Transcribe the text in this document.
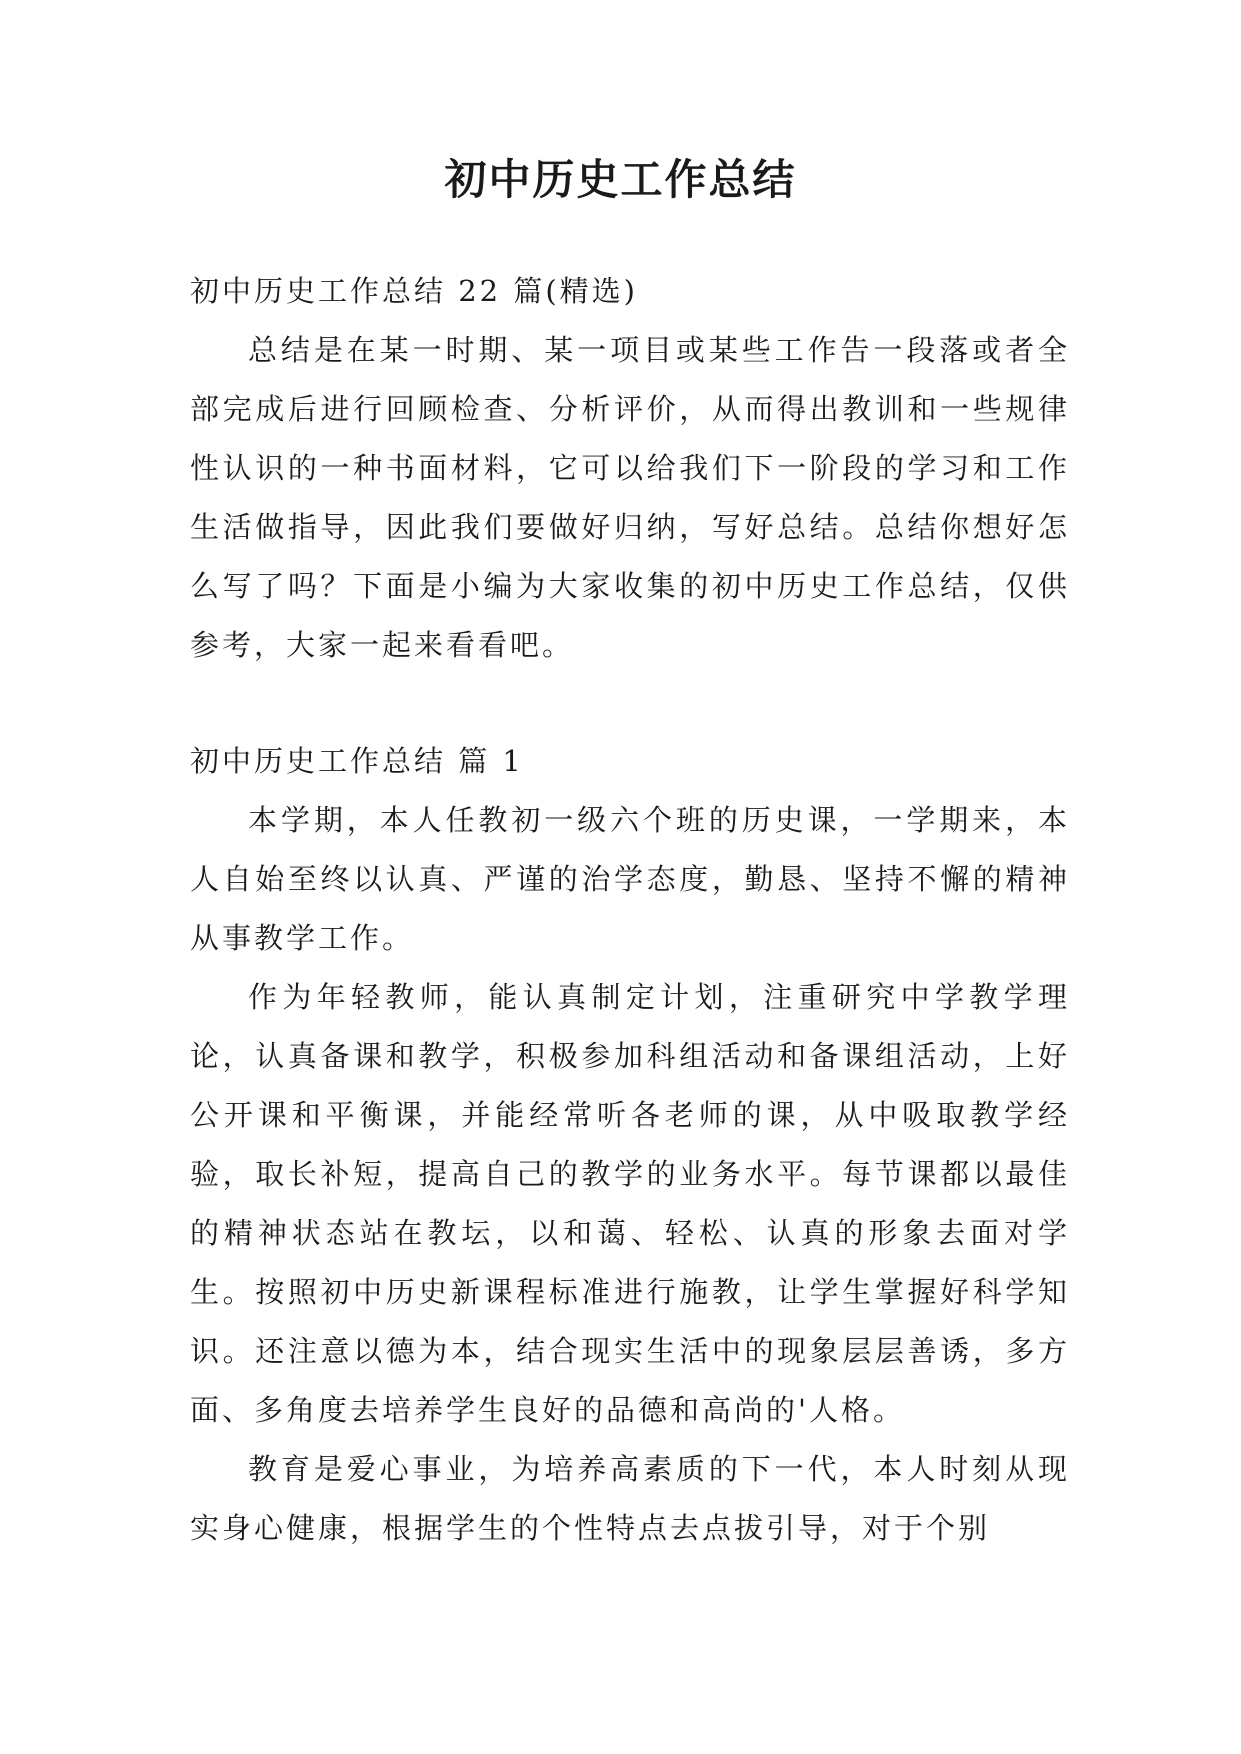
初中历史工作总结

初中历史工作总结 22 篇(精选)

总结是在某一时期、某一项目或某些工作告一段落或者全部完成后进行回顾检查、分析评价，从而得出教训和一些规律性认识的一种书面材料，它可以给我们下一阶段的学习和工作生活做指导，因此我们要做好归纳，写好总结。总结你想好怎么写了吗？下面是小编为大家收集的初中历史工作总结，仅供参考，大家一起来看看吧。

初中历史工作总结 篇 1

本学期，本人任教初一级六个班的历史课，一学期来，本人自始至终以认真、严谨的治学态度，勤恳、坚持不懈的精神从事教学工作。

作为年轻教师，能认真制定计划，注重研究中学教学理论，认真备课和教学，积极参加科组活动和备课组活动，上好公开课和平衡课，并能经常听各老师的课，从中吸取教学经验，取长补短，提高自己的教学的业务水平。每节课都以最佳的精神状态站在教坛，以和蔼、轻松、认真的形象去面对学生。按照初中历史新课程标准进行施教，让学生掌握好科学知识。还注意以德为本，结合现实生活中的现象层层善诱，多方面、多角度去培养学生良好的品德和高尚的'人格。

教育是爱心事业，为培养高素质的下一代，本人时刻从现实身心健康，根据学生的个性特点去点拔引导，对于个别
